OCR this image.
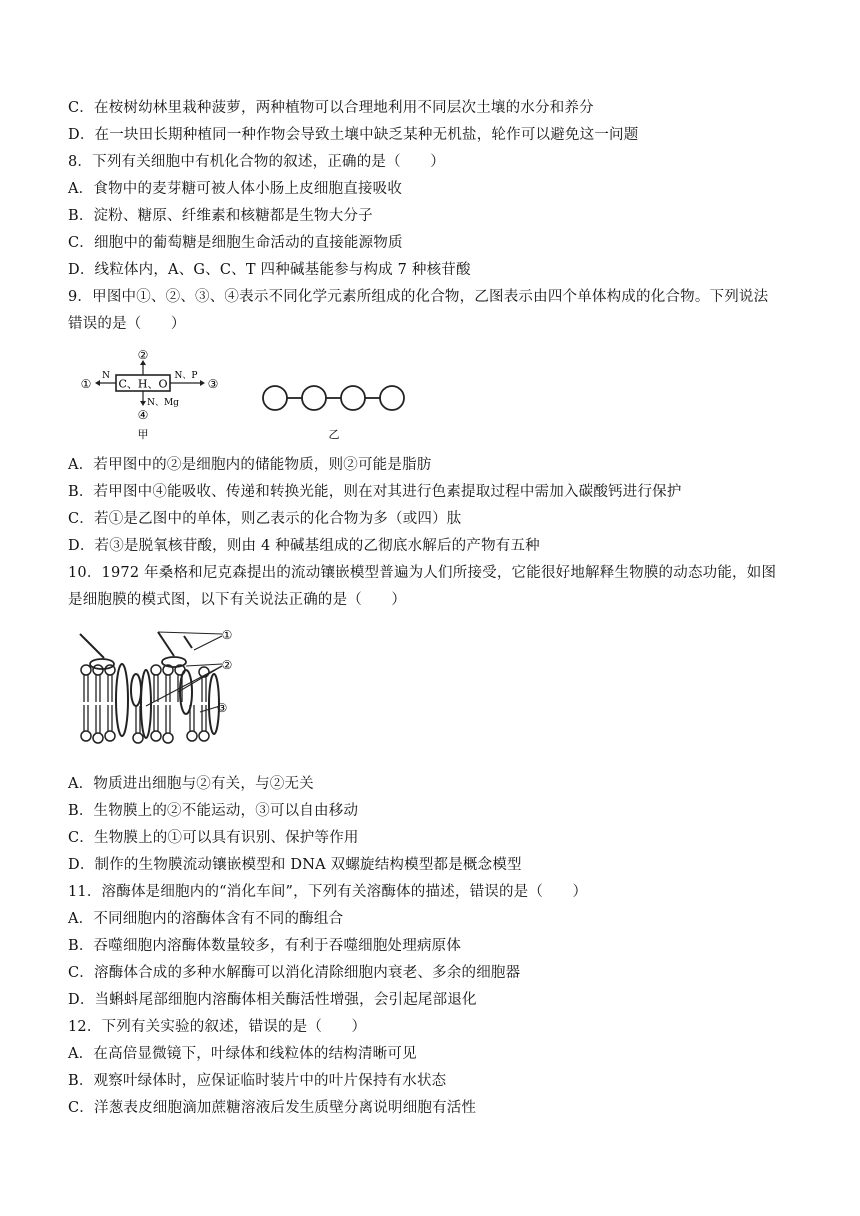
C．在桉树幼林里栽种菠萝，两种植物可以合理地利用不同层次土壤的水分和养分
D．在一块田长期种植同一种作物会导致土壤中缺乏某种无机盐，轮作可以避免这一问题
8．下列有关细胞中有机化合物的叙述，正确的是（　　）
A．食物中的麦芽糖可被人体小肠上皮细胞直接吸收
B．淀粉、糖原、纤维素和核糖都是生物大分子
C．细胞中的葡萄糖是细胞生命活动的直接能源物质
D．线粒体内，A、G、C、T 四种碱基能参与构成 7 种核苷酸
9．甲图中①、②、③、④表示不同化学元素所组成的化合物，乙图表示由四个单体构成的化合物。下列说法
错误的是（　　）
C、H、O
②
①
N
③
N、P
④
N、Mg
甲	乙
A．若甲图中的②是细胞内的储能物质，则②可能是脂肪
B．若甲图中④能吸收、传递和转换光能，则在对其进行色素提取过程中需加入碳酸钙进行保护
C．若①是乙图中的单体，则乙表示的化合物为多（或四）肽
D．若③是脱氧核苷酸，则由 4 种碱基组成的乙彻底水解后的产物有五种
10．1972 年桑格和尼克森提出的流动镶嵌模型普遍为人们所接受，它能很好地解释生物膜的动态功能，如图
是细胞膜的模式图，以下有关说法正确的是（　　）
①
②
③
A．物质进出细胞与②有关，与②无关
B．生物膜上的②不能运动，③可以自由移动
C．生物膜上的①可以具有识别、保护等作用
D．制作的生物膜流动镶嵌模型和 DNA 双螺旋结构模型都是概念模型
11．溶酶体是细胞内的“消化车间”，下列有关溶酶体的描述，错误的是（　　）
A．不同细胞内的溶酶体含有不同的酶组合
B．吞噬细胞内溶酶体数量较多，有利于吞噬细胞处理病原体
C．溶酶体合成的多种水解酶可以消化清除细胞内衰老、多余的细胞器
D．当蝌蚪尾部细胞内溶酶体相关酶活性增强，会引起尾部退化
12．下列有关实验的叙述，错误的是（　　）
A．在高倍显微镜下，叶绿体和线粒体的结构清晰可见
B．观察叶绿体时，应保证临时装片中的叶片保持有水状态
C．洋葱表皮细胞滴加蔗糖溶液后发生质壁分离说明细胞有活性
